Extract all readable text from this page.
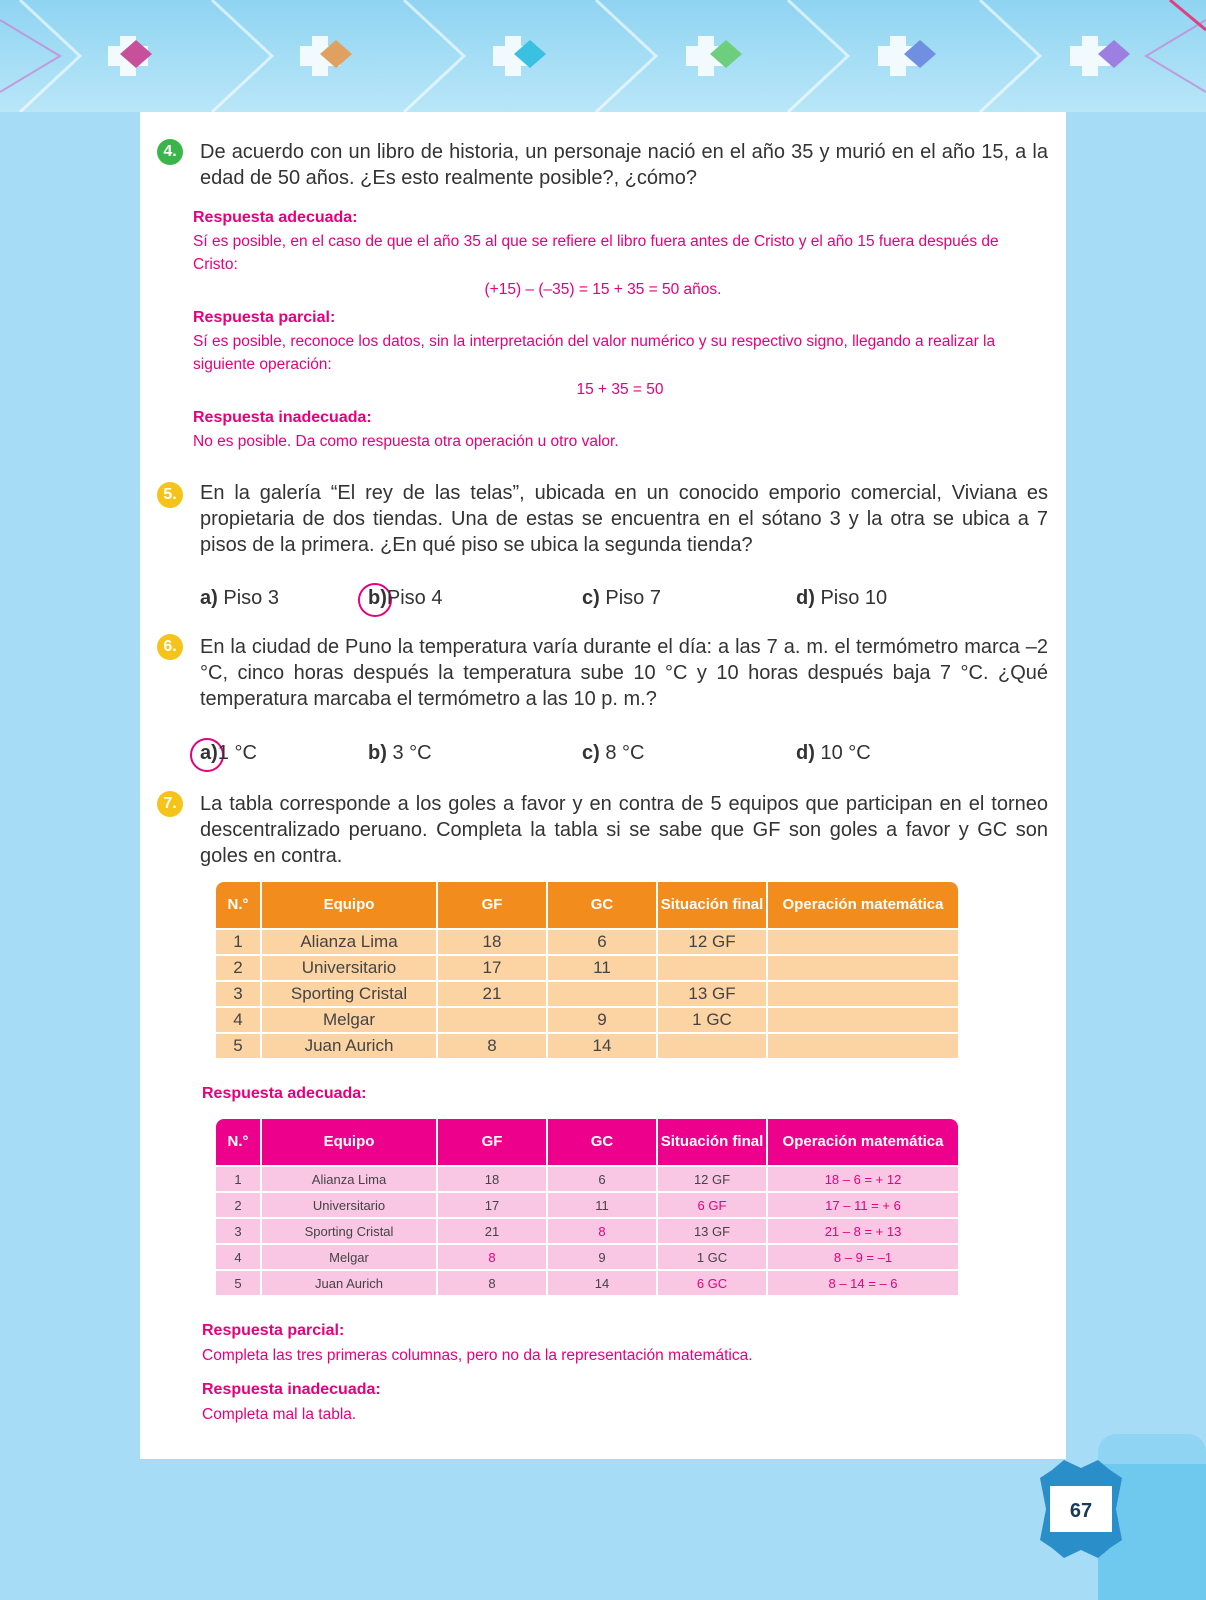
4.	De acuerdo con un libro de historia, un personaje nació en el año 35 y murió en el año 15, a la edad de 50 años. ¿Es esto realmente posible?, ¿cómo?
Respuesta adecuada:
Sí es posible, en el caso de que el año 35 al que se refiere el libro fuera antes de Cristo y el año 15 fuera después de Cristo:
(+15) – (–35) = 15 + 35 = 50 años.
Respuesta parcial:
Sí es posible, reconoce los datos, sin la interpretación del valor numérico y su respectivo signo, llegando a realizar la siguiente operación:
15 + 35 = 50
Respuesta inadecuada:
No es posible. Da como respuesta otra operación u otro valor.
5.	En la galería “El rey de las telas”, ubicada en un conocido emporio comercial, Viviana es propietaria de dos tiendas. Una de estas se encuentra en el sótano 3 y la otra se ubica a 7 pisos de la primera. ¿En qué piso se ubica la segunda tienda?
a) Piso 3	b)Piso 4	c) Piso 7	d) Piso 10
6.	En la ciudad de Puno la temperatura varía durante el día: a las 7 a. m. el termómetro marca –2 °C, cinco horas después la temperatura sube 10 °C y 10 horas después baja 7 °C. ¿Qué temperatura marcaba el termómetro a las 10 p. m.?
a)1 °C	b) 3 °C	c) 8 °C	d) 10 °C
7.	La tabla corresponde a los goles a favor y en contra de 5 equipos que participan en el torneo descentralizado peruano. Completa la tabla si se sabe que GF son goles a favor y GC son goles en contra.
N.°	Equipo	GF	GC	Situación final	Operación matemática
1	Alianza Lima	18	6	12 GF	
2	Universitario	17	11		
3	Sporting Cristal	21		13 GF	
4	Melgar		9	1 GC	
5	Juan Aurich	8	14		
Respuesta adecuada:
N.°	Equipo	GF	GC	Situación final	Operación matemática
1	Alianza Lima	18	6	12 GF	18 – 6 = + 12
2	Universitario	17	11	6 GF	17 – 11 = + 6
3	Sporting Cristal	21	8	13 GF	21 – 8 = + 13
4	Melgar	8	9	1 GC	8 – 9 = –1
5	Juan Aurich	8	14	6 GC	8 – 14 = – 6
Respuesta parcial:
Completa las tres primeras columnas, pero no da la representación matemática.
Respuesta inadecuada:
Completa mal la tabla.
67
